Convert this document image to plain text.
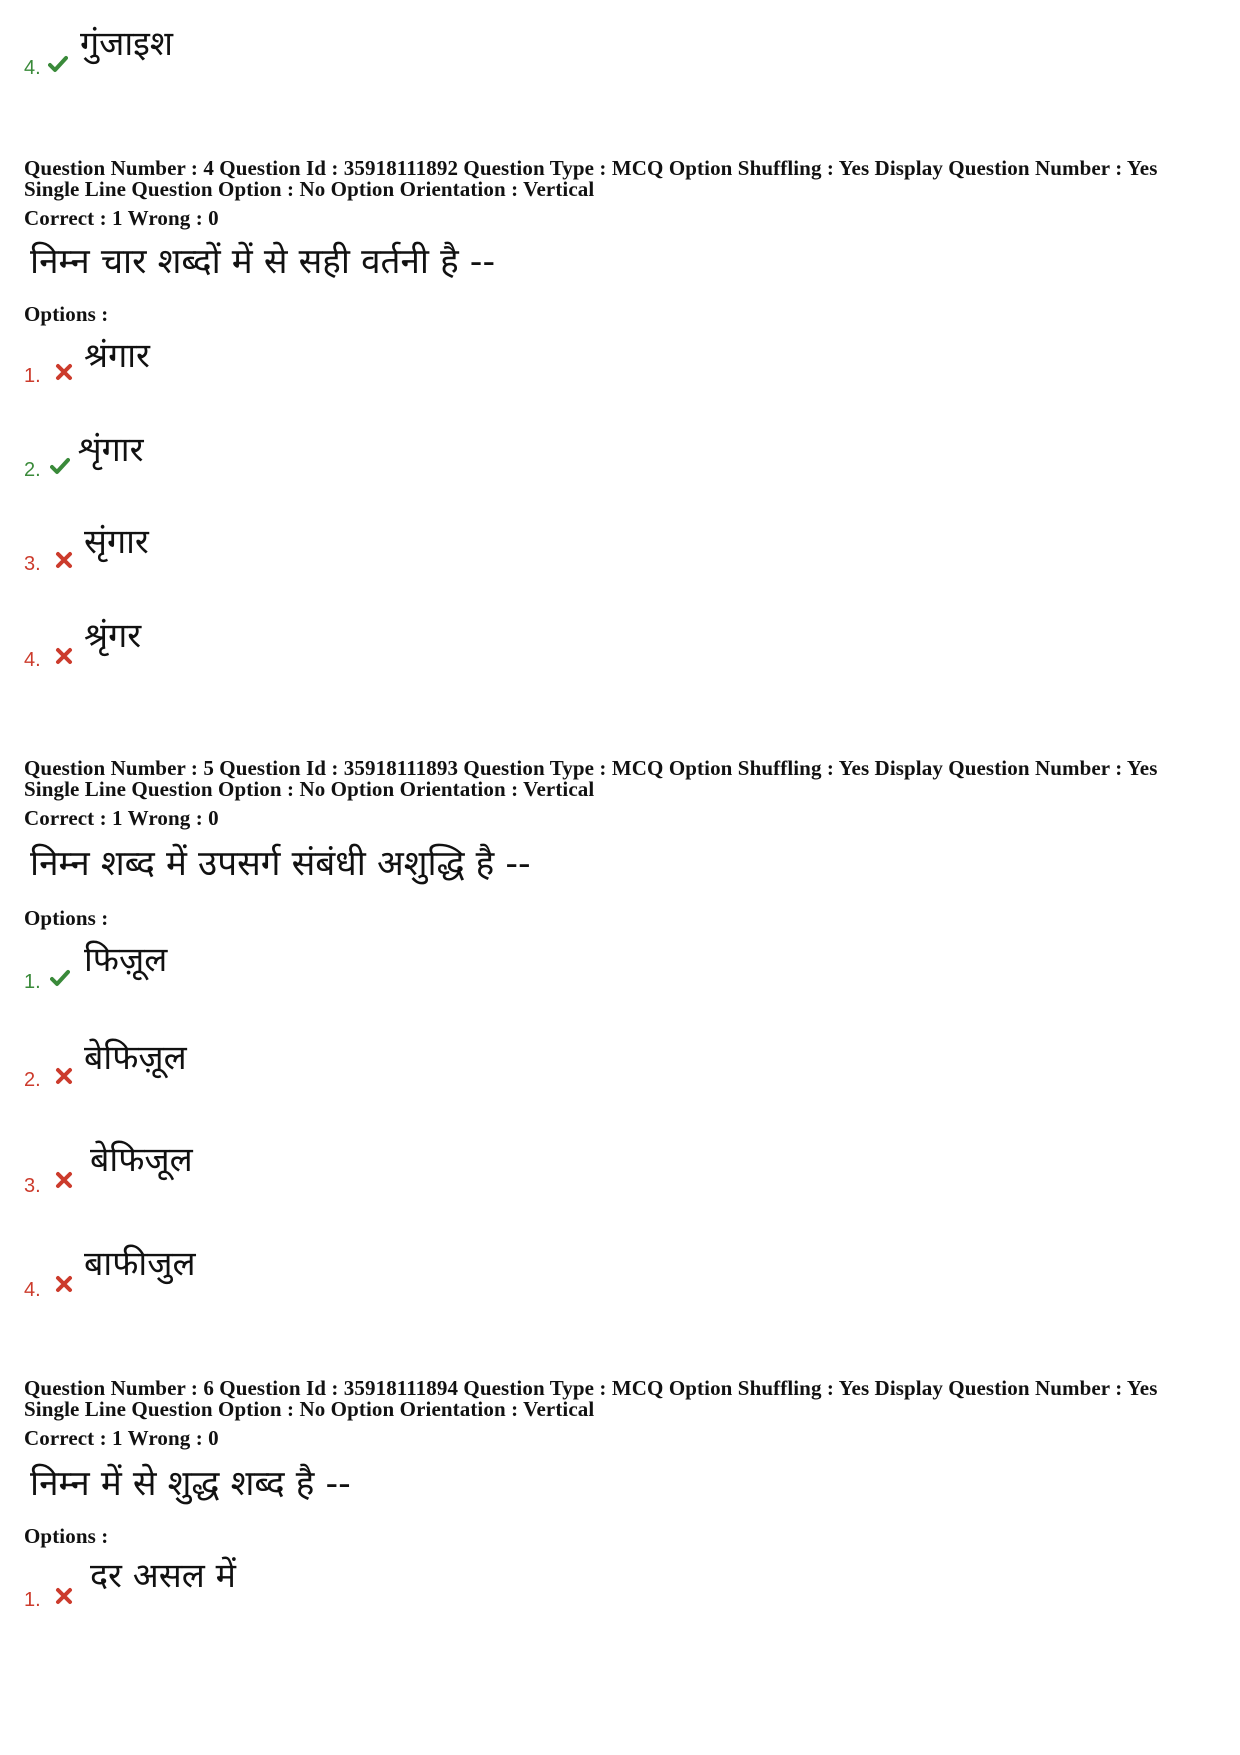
4.
गुंजाइश
Question Number : 4 Question Id : 35918111892 Question Type : MCQ Option Shuffling : Yes Display Question Number : Yes
Single Line Question Option : No Option Orientation : Vertical
Correct : 1 Wrong : 0
निम्न चार शब्दों में से सही वर्तनी है --
Options :
1. श्रंगार
2. शृंगार
3.
सृंगार
4.
श्रृंगर
Question Number : 5 Question Id : 35918111893 Question Type : MCQ Option Shuffling : Yes Display Question Number : Yes
Single Line Question Option : No Option Orientation : Vertical
Correct : 1 Wrong : 0
निम्न शब्द में उपसर्ग संबंधी अशुद्धि है --
Options :
1.
फिज़ूल
2.
बेफिज़ूल
3.
बेफिजूल
4.
बाफीजुल
Question Number : 6 Question Id : 35918111894 Question Type : MCQ Option Shuffling : Yes Display Question Number : Yes
Single Line Question Option : No Option Orientation : Vertical
Correct : 1 Wrong : 0
निम्न में से शुद्ध शब्द है --
Options :
1.
दर असल में
